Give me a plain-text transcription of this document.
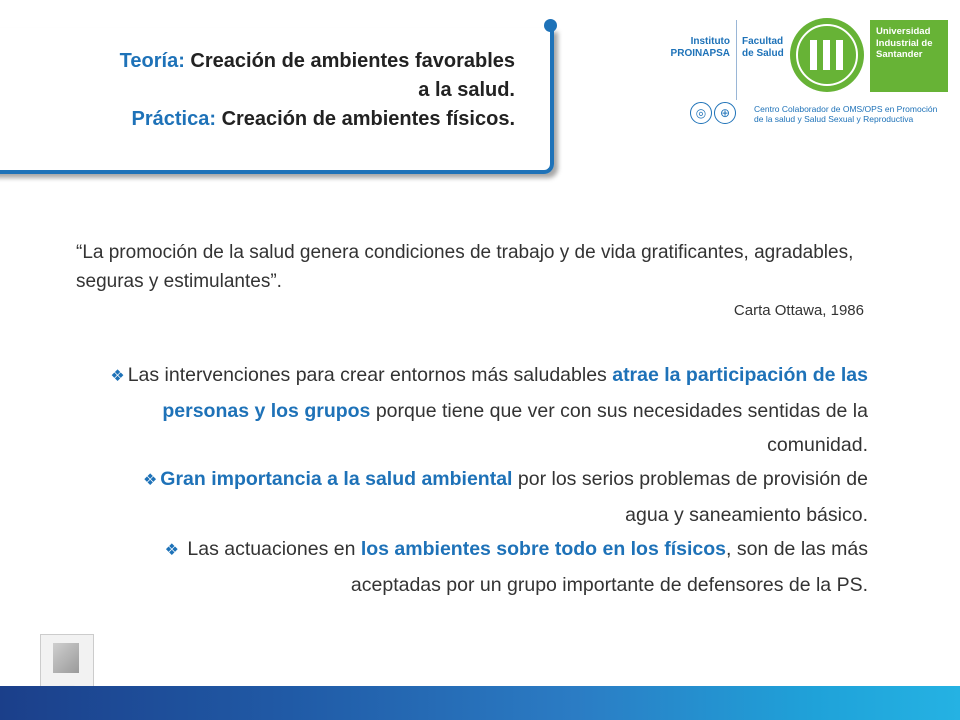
Teoría: Creación de ambientes favorables
a la salud.
Práctica: Creación de ambientes físicos.
Instituto
PROINAPSA
Facultad
de Salud
Universidad
Industrial de
Santander
◎ ⊕	Centro Colaborador de OMS/OPS en Promoción
de la salud y Salud Sexual y Reproductiva
“La promoción de la salud genera condiciones de trabajo y de vida gratificantes, agradables, seguras y estimulantes”.
Carta Ottawa, 1986
❖ Las intervenciones para crear entornos más saludables atrae la participación de las personas y los grupos porque tiene que ver con sus necesidades sentidas de la comunidad.
❖ Gran importancia a la salud ambiental por los serios problemas de provisión de agua y saneamiento básico.
❖ Las actuaciones en los ambientes sobre todo en los físicos, son de las más aceptadas por un grupo importante de defensores de la PS.
